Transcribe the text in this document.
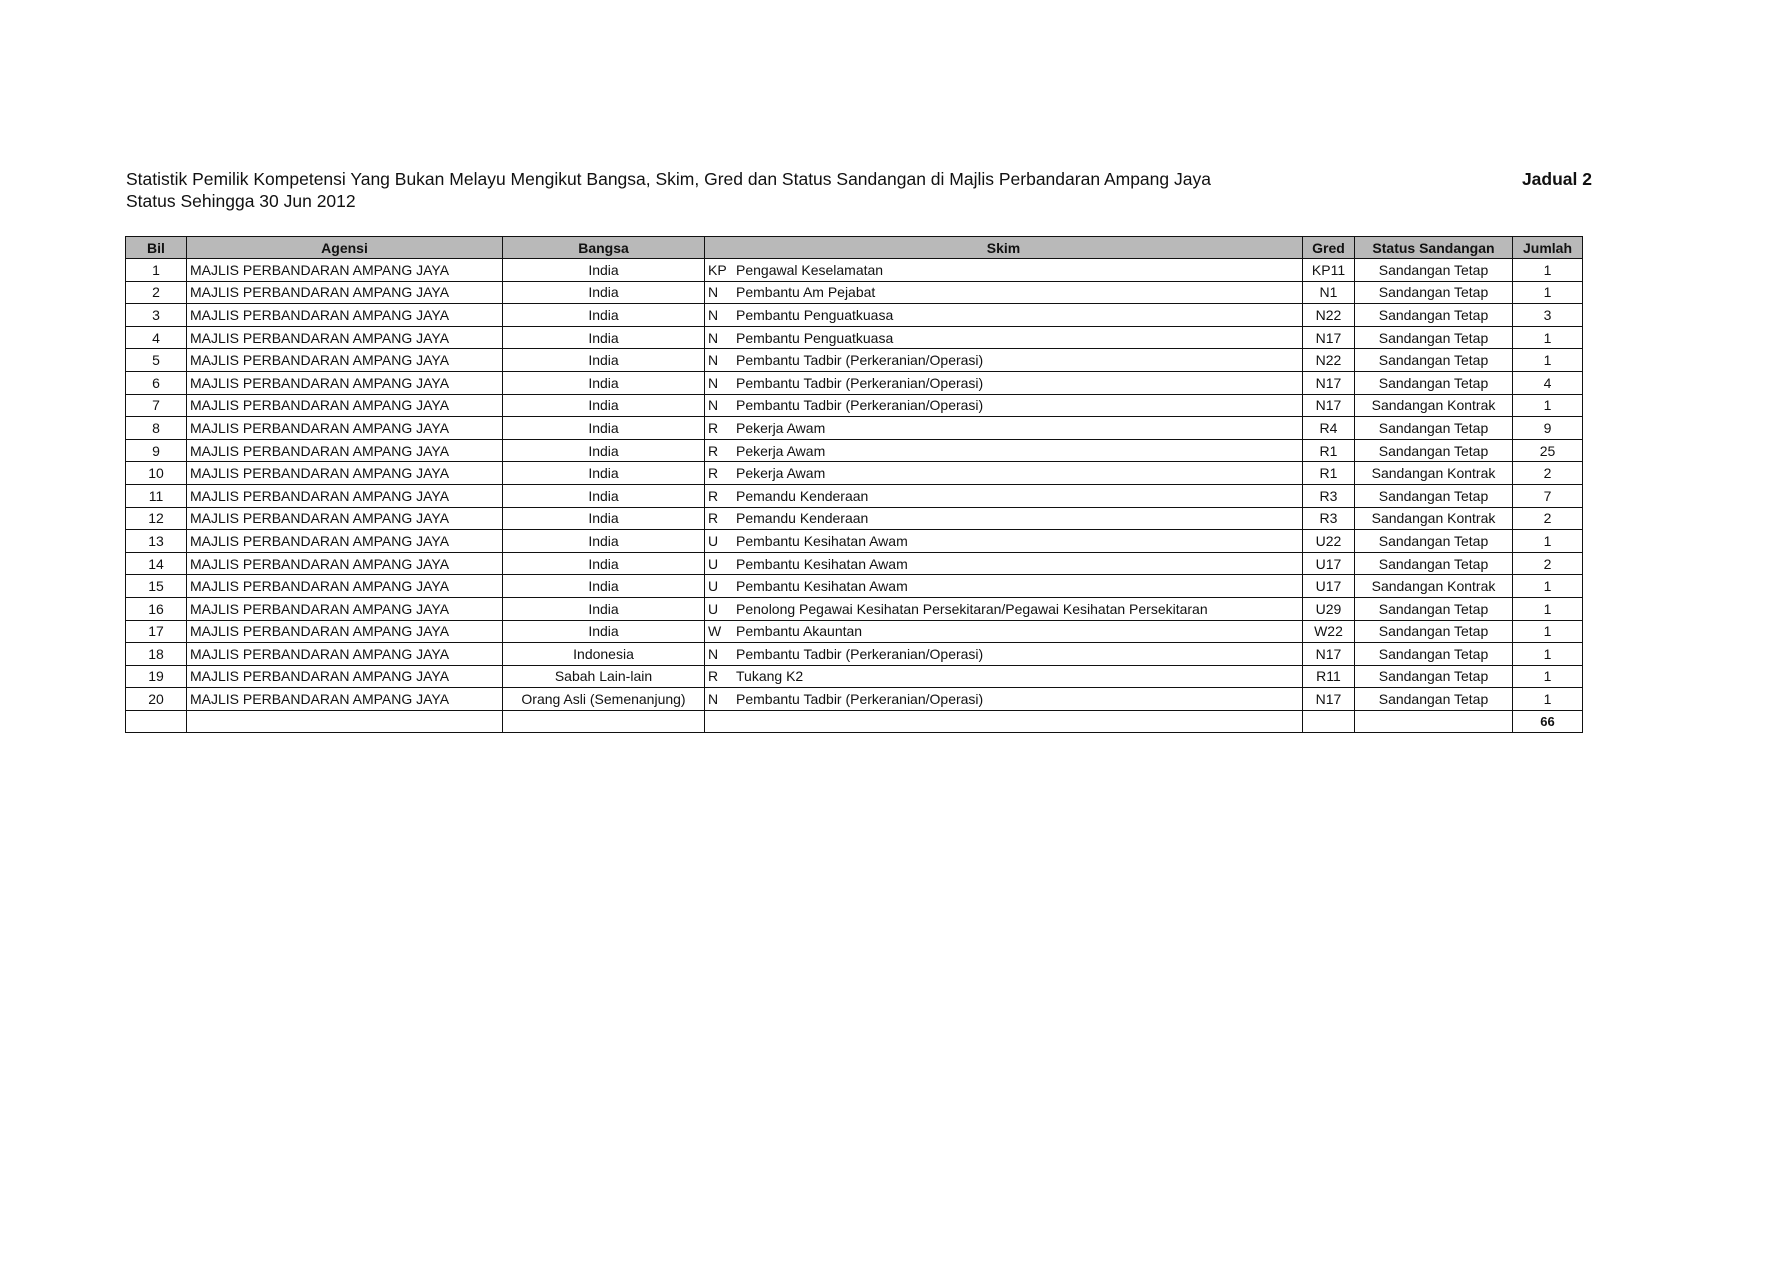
Statistik Pemilik Kompetensi Yang Bukan Melayu Mengikut Bangsa, Skim, Gred dan Status Sandangan di Majlis Perbandaran Ampang Jaya
Status Sehingga 30 Jun 2012
Jadual 2
Bil	Agensi	Bangsa	Skim	Gred	Status Sandangan	Jumlah
1	MAJLIS PERBANDARAN AMPANG JAYA	India	KP Pengawal Keselamatan	KP11	Sandangan Tetap	1
2	MAJLIS PERBANDARAN AMPANG JAYA	India	N Pembantu Am Pejabat	N1	Sandangan Tetap	1
3	MAJLIS PERBANDARAN AMPANG JAYA	India	N Pembantu Penguatkuasa	N22	Sandangan Tetap	3
4	MAJLIS PERBANDARAN AMPANG JAYA	India	N Pembantu Penguatkuasa	N17	Sandangan Tetap	1
5	MAJLIS PERBANDARAN AMPANG JAYA	India	N Pembantu Tadbir (Perkeranian/Operasi)	N22	Sandangan Tetap	1
6	MAJLIS PERBANDARAN AMPANG JAYA	India	N Pembantu Tadbir (Perkeranian/Operasi)	N17	Sandangan Tetap	4
7	MAJLIS PERBANDARAN AMPANG JAYA	India	N Pembantu Tadbir (Perkeranian/Operasi)	N17	Sandangan Kontrak	1
8	MAJLIS PERBANDARAN AMPANG JAYA	India	R Pekerja Awam	R4	Sandangan Tetap	9
9	MAJLIS PERBANDARAN AMPANG JAYA	India	R Pekerja Awam	R1	Sandangan Tetap	25
10	MAJLIS PERBANDARAN AMPANG JAYA	India	R Pekerja Awam	R1	Sandangan Kontrak	2
11	MAJLIS PERBANDARAN AMPANG JAYA	India	R Pemandu Kenderaan	R3	Sandangan Tetap	7
12	MAJLIS PERBANDARAN AMPANG JAYA	India	R Pemandu Kenderaan	R3	Sandangan Kontrak	2
13	MAJLIS PERBANDARAN AMPANG JAYA	India	U Pembantu Kesihatan Awam	U22	Sandangan Tetap	1
14	MAJLIS PERBANDARAN AMPANG JAYA	India	U Pembantu Kesihatan Awam	U17	Sandangan Tetap	2
15	MAJLIS PERBANDARAN AMPANG JAYA	India	U Pembantu Kesihatan Awam	U17	Sandangan Kontrak	1
16	MAJLIS PERBANDARAN AMPANG JAYA	India	U Penolong Pegawai Kesihatan Persekitaran/Pegawai Kesihatan Persekitaran	U29	Sandangan Tetap	1
17	MAJLIS PERBANDARAN AMPANG JAYA	India	W Pembantu Akauntan	W22	Sandangan Tetap	1
18	MAJLIS PERBANDARAN AMPANG JAYA	Indonesia	N Pembantu Tadbir (Perkeranian/Operasi)	N17	Sandangan Tetap	1
19	MAJLIS PERBANDARAN AMPANG JAYA	Sabah Lain-lain	R Tukang K2	R11	Sandangan Tetap	1
20	MAJLIS PERBANDARAN AMPANG JAYA	Orang Asli (Semenanjung)	N Pembantu Tadbir (Perkeranian/Operasi)	N17	Sandangan Tetap	1
						66
